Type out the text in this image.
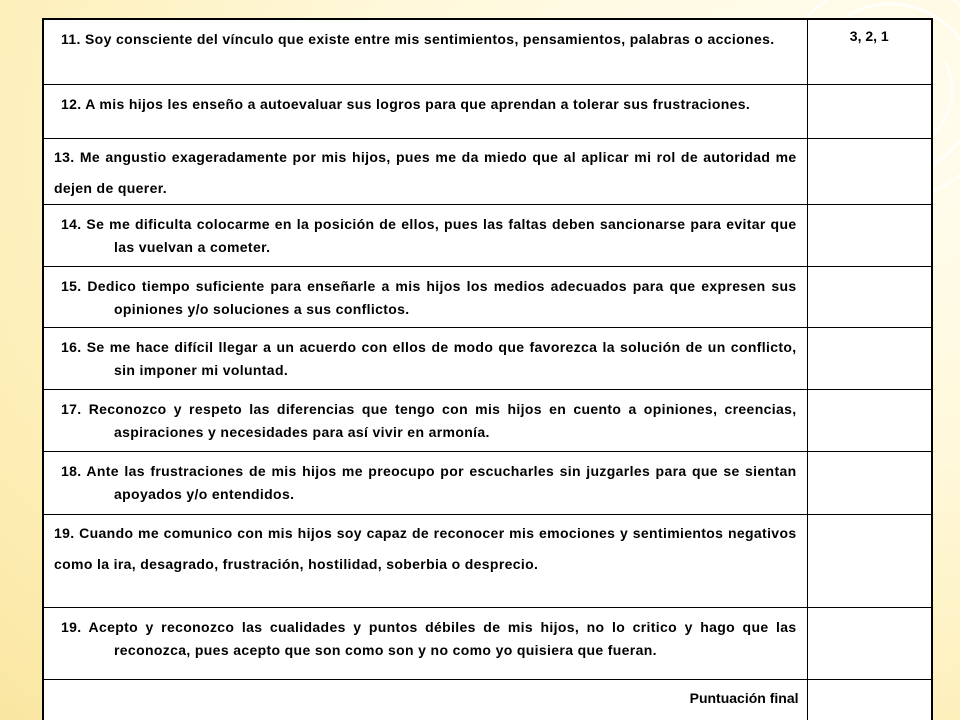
11. Soy consciente del vínculo que existe entre mis sentimientos, pensamientos, palabras o acciones.	3, 2, 1

12. A mis hijos les enseño a autoevaluar sus logros para que aprendan a tolerar sus frustraciones.	

13. Me angustio exageradamente por mis hijos, pues me da miedo que al aplicar mi rol de autoridad me dejen de querer.	

14. Se me dificulta colocarme en la posición de ellos, pues las faltas deben sancionarse para evitar que las vuelvan a cometer.	

15. Dedico tiempo suficiente para enseñarle a mis hijos los medios adecuados para que expresen sus opiniones y/o soluciones a sus conflictos.	

16. Se me hace difícil llegar a un acuerdo con ellos de modo que favorezca la solución de un conflicto, sin imponer mi voluntad.	

17. Reconozco y respeto las diferencias que tengo con mis hijos en cuento a opiniones, creencias, aspiraciones y necesidades para así vivir en armonía.	

18. Ante las frustraciones de mis hijos me preocupo por escucharles sin juzgarles para que se sientan apoyados y/o entendidos.	

19. Cuando me comunico con mis hijos soy capaz de reconocer mis emociones y sentimientos negativos como la ira, desagrado, frustración, hostilidad, soberbia o desprecio.	

19. Acepto y reconozco las cualidades y puntos débiles de mis hijos, no lo critico y hago que las reconozca, pues acepto que son como son y no como yo quisiera que fueran.	

Puntuación final	
